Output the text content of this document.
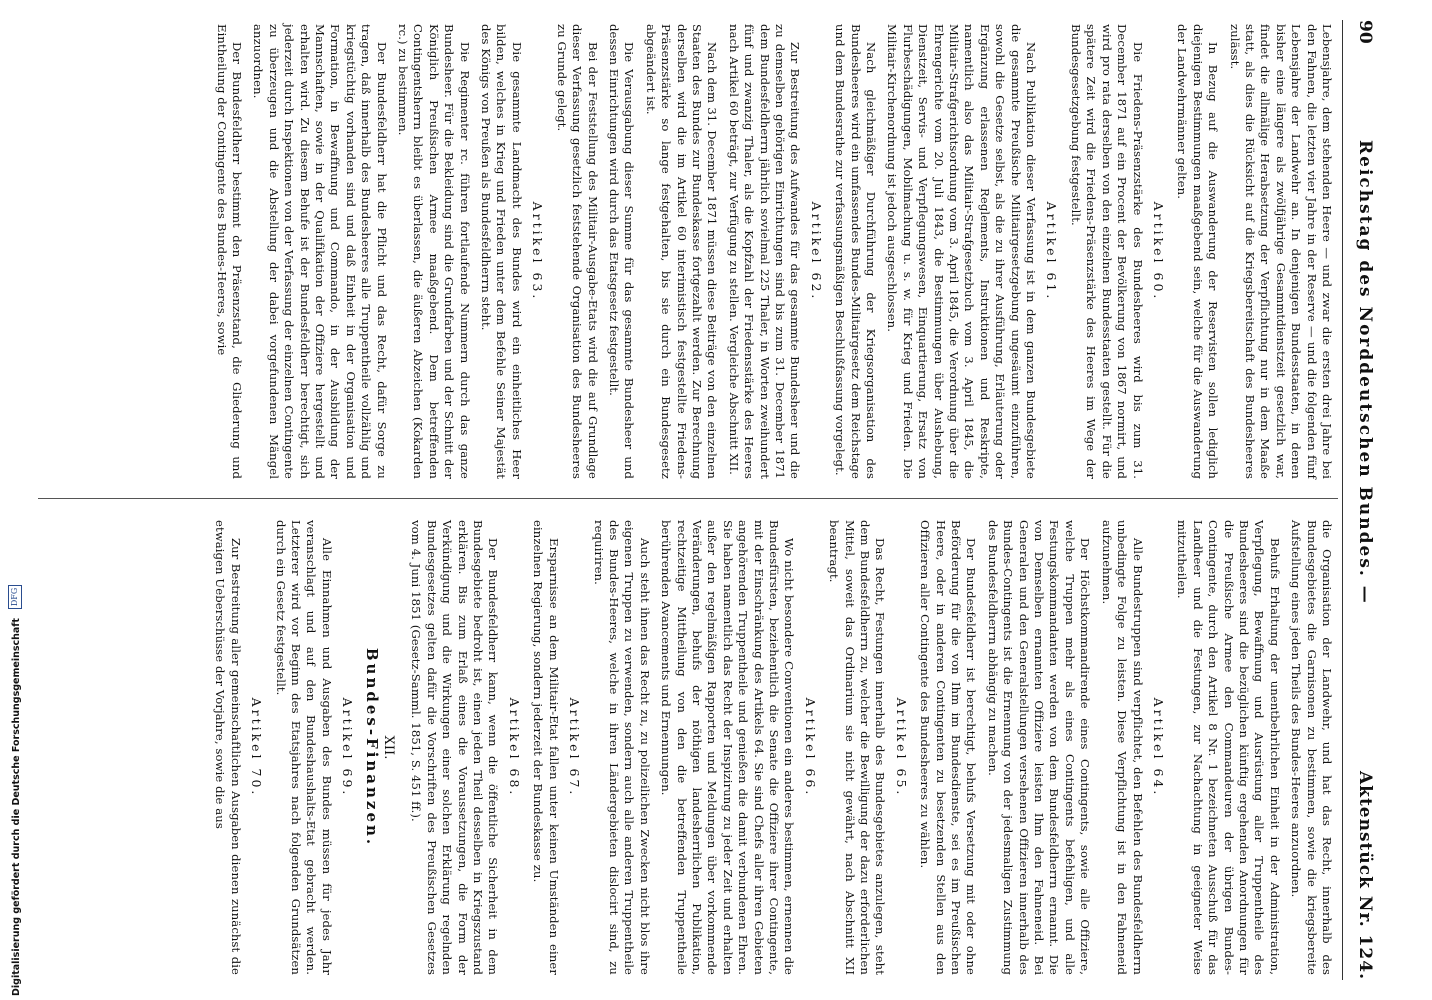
90
Reichstag des Norddeutschen Bundes. —
Aktenstück Nr. 124.

Lebensjahre, dem stehenden Heere — und zwar die ersten drei Jahre bei den Fahnen, die letzten vier Jahre in der Reserve — und die folgenden fünf Lebensjahre der Landwehr an. In denjenigen Bundesstaaten, in denen bisher eine längere als zwölfjährige Gesammtdienstzeit gesetzlich war, findet die allmälige Herabsetzung der Verpflichtung nur in dem Maaße statt, als dies die Rücksicht auf die Kriegsbereitschaft des Bundesheeres zulässt.

In Bezug auf die Auswanderung der Reservisten sollen lediglich diejenigen Bestimmungen maaßgebend sein, welche für die Auswanderung der Landwehrmänner gelten.

Artikel 60.

Die Friedens-Präsenzstärke des Bundesheeres wird bis zum 31. December 1871 auf ein Procent der Bevölkerung von 1867 normirt, und wird pro rata derselben von den einzelnen Bundesstaaten gestellt. Für die spätere Zeit wird die Friedens-Präsenzstärke des Heeres im Wege der Bundesgesetzgebung festgestellt.

Artikel 61.

Nach Publikation dieser Verfassung ist in dem ganzen Bundesgebiete die gesammte Preußische Militairgesetzgebung ungesäumt einzuführen, sowohl die Gesetze selbst, als die zu ihrer Ausführung, Erläuterung oder Ergänzung erlassenen Reglements, Instruktionen und Reskripte, namentlich also das Militair-Strafgesetzbuch vom 3. April 1845, die Militair-Strafgerichtsordnung vom 3. April 1845, die Verordnung über die Ehrengerichte vom 20. Juli 1843, die Bestimmungen über Aushebung, Dienstzeit, Servis- und Verpflegungswesen, Einquartierung, Ersatz von Flurbeschädigungen, Mobilmachung u. s. w. für Krieg und Frieden. Die Militair-Kirchenordnung ist jedoch ausgeschlossen.

Nach gleichmäßiger Durchführung der Kriegsorganisation des Bundesheeres wird ein umfassendes Bundes-Militairgesetz dem Reichstage und dem Bundesrathe zur verfassungsmäßigen Beschlußfassung vorgelegt.

Artikel 62.

Zur Bestreitung des Aufwandes für das gesammte Bundesheer und die zu demselben gehörigen Einrichtungen sind bis zum 31. December 1871 dem Bundesfeldherrn jährlich sovielmal 225 Thaler, in Worten zweihundert fünf und zwanzig Thaler, als die Kopfzahl der Friedensstärke des Heeres nach Artikel 60 beträgt, zur Verfügung zu stellen. Vergleiche Abschnitt XII.

Nach dem 31. December 1871 müssen diese Beiträge von den einzelnen Staaten des Bundes zur Bundeskasse fortgezahlt werden. Zur Berechnung derselben wird die im Artikel 60 interimistisch festgestellte Friedens-Präsenzstärke so lange festgehalten, bis sie durch ein Bundesgesetz abgeändert ist.

Die Verausgabung dieser Summe für das gesammte Bundesheer und dessen Einrichtungen wird durch das Etatsgesetz festgestellt.

Bei der Feststellung des Militair-Ausgabe-Etats wird die auf Grundlage dieser Verfassung gesetzlich feststehende Organisation des Bundesheeres zu Grunde gelegt.

Artikel 63.

Die gesammte Landmacht des Bundes wird ein einheitliches Heer bilden, welches in Krieg und Frieden unter dem Befehle Seiner Majestät des Königs von Preußen als Bundesfeldherrn steht.

Die Regimenter rc. führen fortlaufende Nummern durch das ganze Bundesheer. Für die Bekleidung sind die Grundfarben und der Schnitt der Königlich Preußischen Armee maaßgebend. Dem betreffenden Contingentsherrn bleibt es überlassen, die äußeren Abzeichen (Kokarden rc.) zu bestimmen.

Der Bundesfeldherr hat die Pflicht und das Recht, dafür Sorge zu tragen, daß innerhalb des Bundesheeres alle Truppentheile vollzählig und kriegstüchtig vorhanden sind und daß Einheit in der Organisation und Formation, in Bewaffnung und Commando, in der Ausbildung der Mannschaften, sowie in der Qualifikation der Offiziere hergestellt und erhalten wird. Zu diesem Behufe ist der Bundesfeldherr berechtigt, sich jederzeit durch Inspektionen von der Verfassung der einzelnen Contingente zu überzeugen und die Abstellung der dabei vorgefundenen Mängel anzuordnen.

Der Bundesfeldherr bestimmt den Präsenzstand, die Gliederung und Eintheilung der Contingente des Bundes-Heeres, sowie

die Organisation der Landwehr, und hat das Recht, innerhalb des Bundesgebietes die Garnisonen zu bestimmen, sowie die kriegsbereite Aufstellung eines jeden Theils des Bundes-Heeres anzuordnen.

Behufs Erhaltung der unentbehrlichen Einheit in der Administration, Verpflegung, Bewaffnung und Ausrüstung aller Truppentheile des Bundesheeres sind die bezüglichen künftig ergehenden Anordnungen für die Preußische Armee den Commandeuren der übrigen Bundes-Contingente, durch den Artikel 8 Nr. 1 bezeichneten Ausschuß für das Landheer und die Festungen, zur Nachachtung in geeigneter Weise mitzutheilen.

Artikel 64.

Alle Bundestruppen sind verpflichtet, den Befehlen des Bundesfeldherrn unbedingte Folge zu leisten. Diese Verpflichtung ist in den Fahneneid aufzunehmen.

Der Höchstkommandirende eines Contingents, sowie alle Offiziere, welche Truppen mehr als eines Contingents befehligen, und alle Festungskommandanten werden von dem Bundesfeldherrn ernannt. Die von Demselben ernannten Offiziere leisten Ihm den Fahneneid. Bei Generalen und den Generalstellungen versehenen Offizieren innerhalb des Bundes-Contingents ist die Ernennung von der jedesmaligen Zustimmung des Bundesfeldherrn abhängig zu machen.

Der Bundesfeldherr ist berechtigt, behufs Versetzung mit oder ohne Beförderung für die von Ihm im Bundesdienste, sei es im Preußischen Heere, oder in anderen Contingenten zu besetzenden Stellen aus den Offizieren aller Contingente des Bundesheeres zu wählen.

Artikel 65.

Das Recht, Festungen innerhalb des Bundesgebietes anzulegen, steht dem Bundesfeldherrn zu, welcher die Bewilligung der dazu erforderlichen Mittel, soweit das Ordinarium sie nicht gewährt, nach Abschnitt XII beantragt.

Artikel 66.

Wo nicht besondere Conventionen ein anderes bestimmen, ernennen die Bundesfürsten, beziehentlich die Senate die Offiziere ihrer Contingente, mit der Einschränkung des Artikels 64. Sie sind Chefs aller ihren Gebieten angehörenden Truppentheile und genießen die damit verbundenen Ehren. Sie haben namentlich das Recht der Inspizirung zu jeder Zeit und erhalten außer den regelmäßigen Rapporten und Meldungen über vorkommende Veränderungen, behufs der nöthigen landesherrlichen Publikation, rechtzeitige Mittheilung von den die betreffenden Truppentheile berührenden Avancements und Ernennungen.

Auch steht ihnen das Recht zu, zu polizeilichen Zwecken nicht blos ihre eigenen Truppen zu verwenden, sondern auch alle anderen Truppentheile des Bundes-Heeres, welche in ihren Ländergebieten dislocirt sind, zu requiriren.

Artikel 67.

Ersparnisse an dem Militair-Etat fallen unter keinen Umständen einer einzelnen Regierung, sondern jederzeit der Bundeskasse zu.

Artikel 68.

Der Bundesfeldherr kann, wenn die öffentliche Sicherheit in dem Bundesgebiete bedroht ist, einen jeden Theil desselben in Kriegszustand erklären. Bis zum Erlaß eines die Voraussetzungen, die Form der Verkündigung und die Wirkungen einer solchen Erklärung regelnden Bundesgesetzes gelten dafür die Vorschriften des Preußischen Gesetzes vom 4. Juni 1851 (Gesetz-Samml. 1851, S. 451 ff.).

XII.
Bundes-Finanzen.
Artikel 69.

Alle Einnahmen und Ausgaben des Bundes müssen für jedes Jahr veranschlagt und auf den Bundeshaushalts-Etat gebracht werden. Letzterer wird vor Beginn des Etatsjahres nach folgenden Grundsätzen durch ein Gesetz festgestellt.

Artikel 70.

Zur Bestreitung aller gemeinschaftlichen Ausgaben dienen zunächst die etwaigen Ueberschüsse der Vorjahre, sowie die aus

Digitalisierung gefördert durch die Deutsche Forschungsgemeinschaft DFG
